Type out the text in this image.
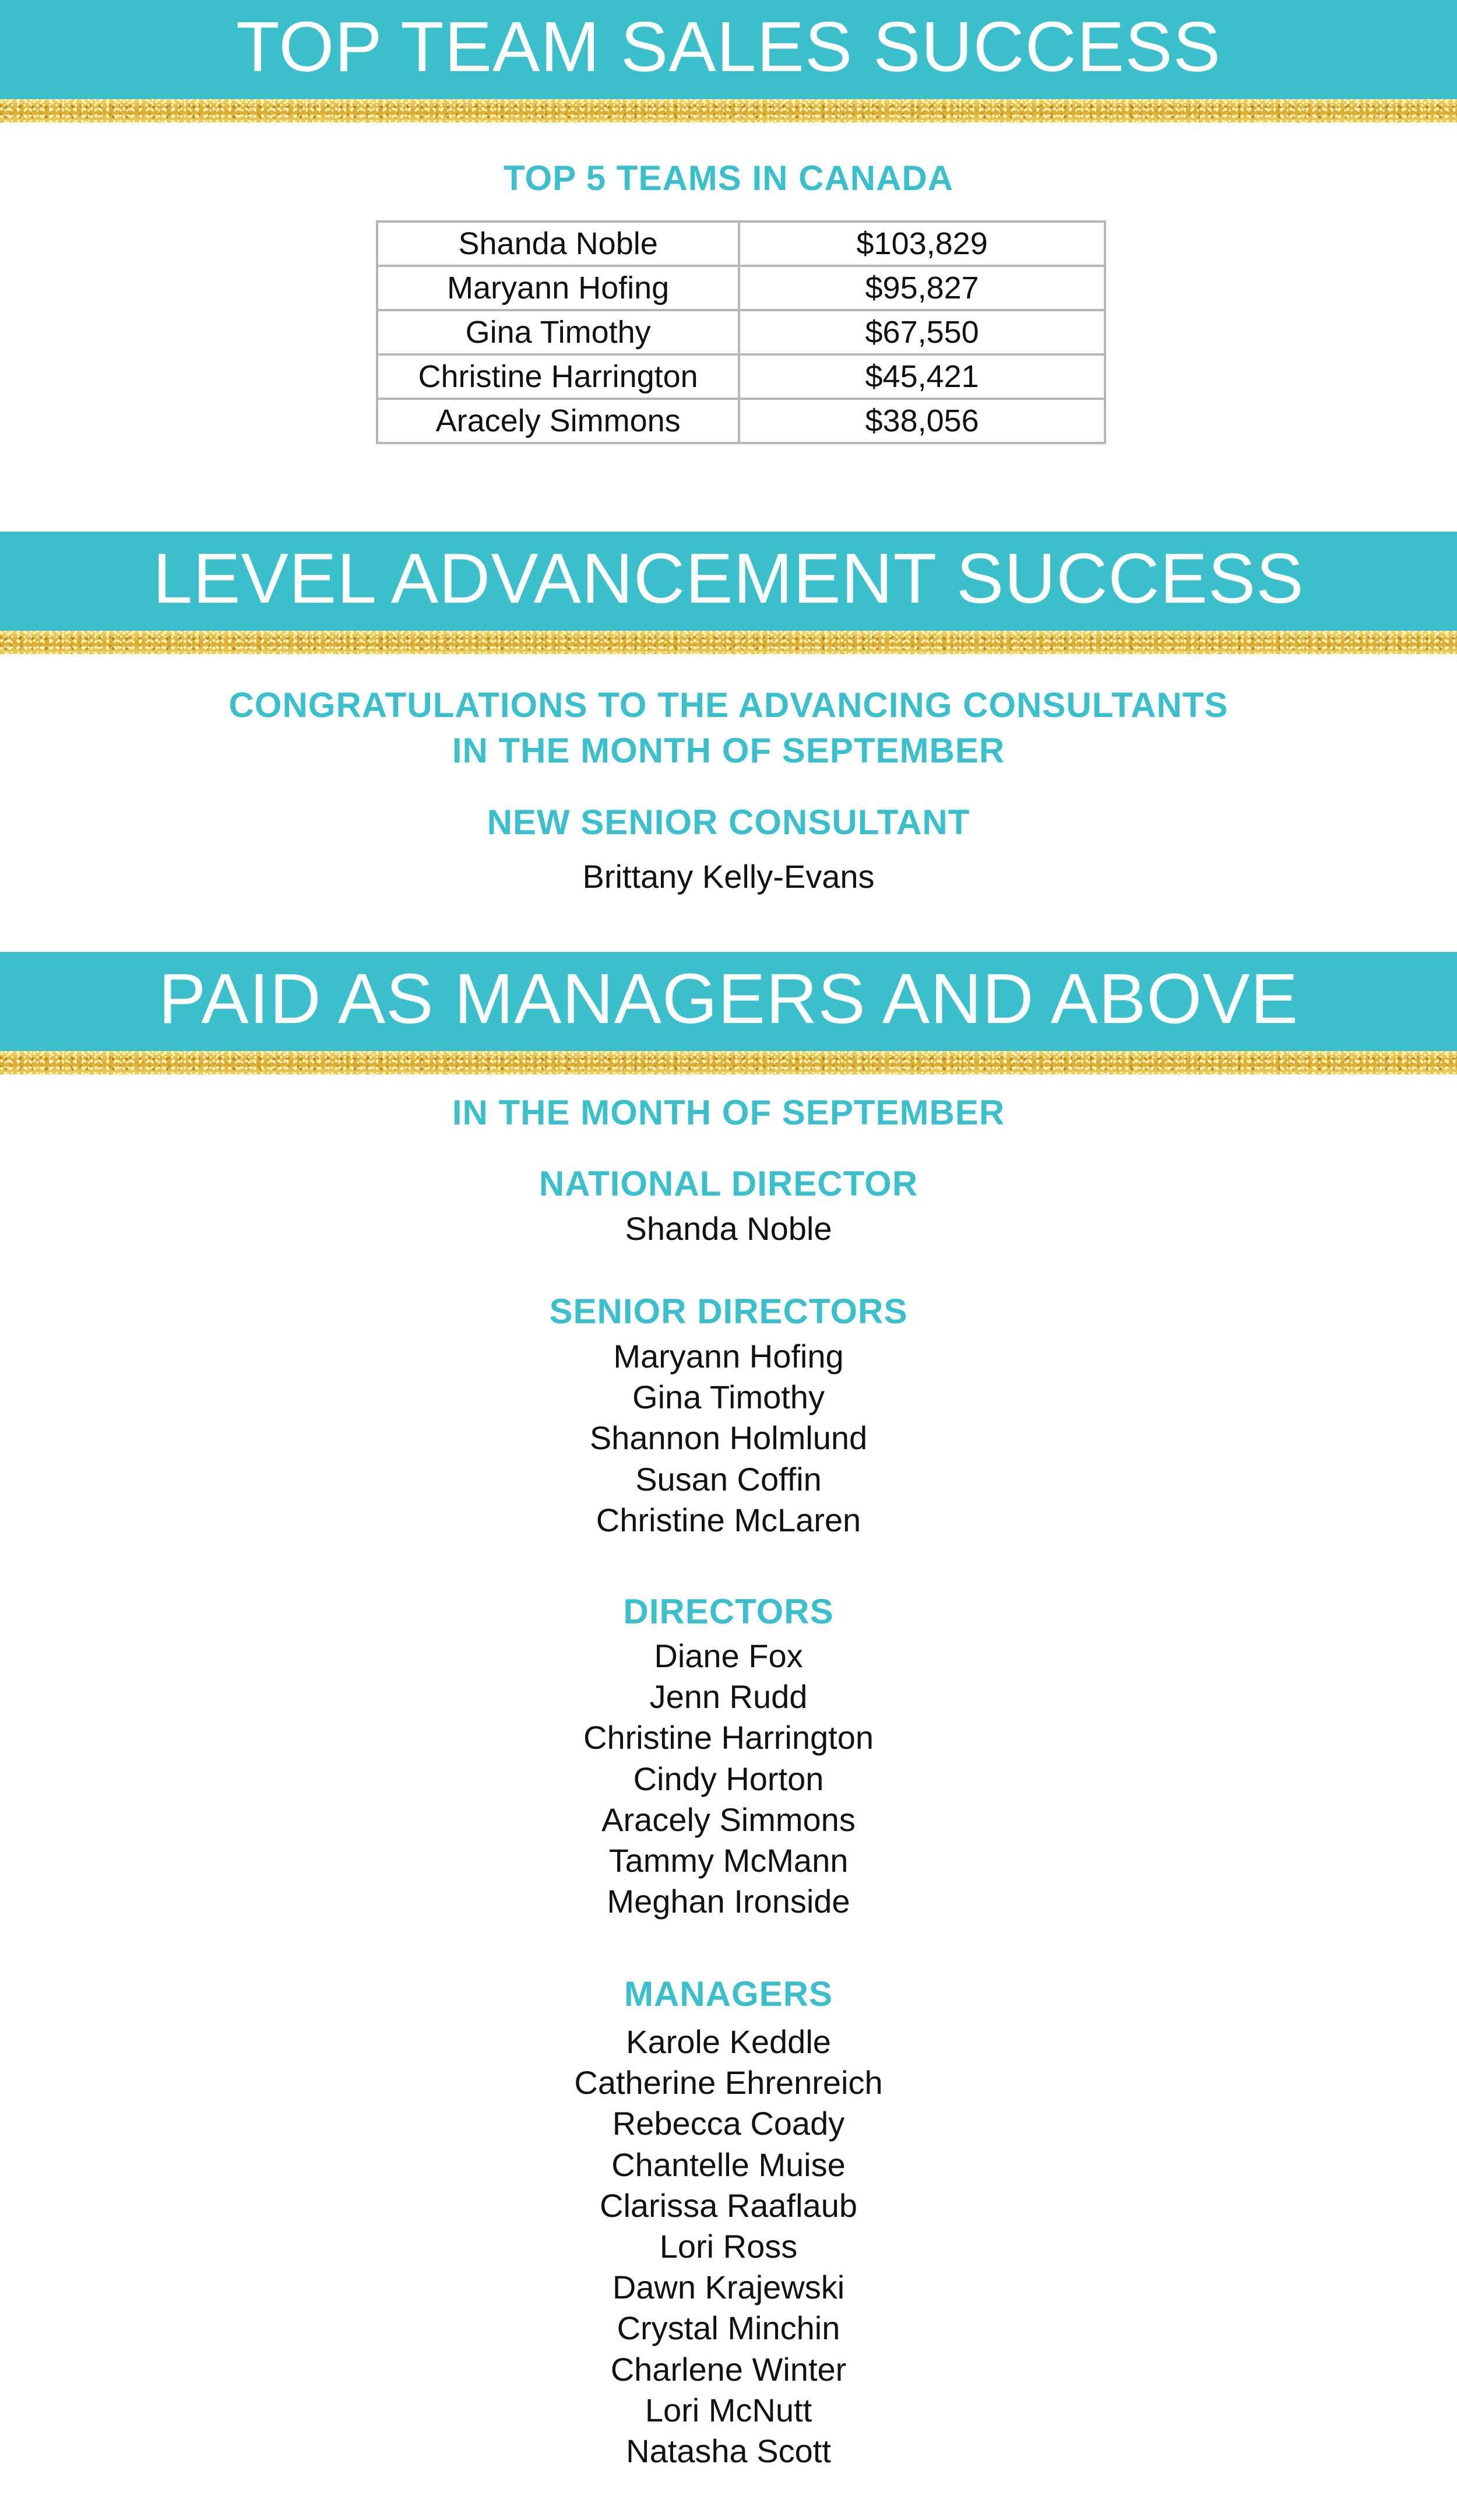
TOP TEAM SALES SUCCESS
TOP 5 TEAMS IN CANADA
Shanda Noble	$103,829
Maryann Hofing	$95,827
Gina Timothy	$67,550
Christine Harrington	$45,421
Aracely Simmons	$38,056
LEVEL ADVANCEMENT SUCCESS
CONGRATULATIONS TO THE ADVANCING CONSULTANTS
IN THE MONTH OF SEPTEMBER
NEW SENIOR CONSULTANT
Brittany Kelly-Evans
PAID AS MANAGERS AND ABOVE
IN THE MONTH OF SEPTEMBER
NATIONAL DIRECTOR
Shanda Noble
SENIOR DIRECTORS
Maryann Hofing
Gina Timothy
Shannon Holmlund
Susan Coffin
Christine McLaren
DIRECTORS
Diane Fox
Jenn Rudd
Christine Harrington
Cindy Horton
Aracely Simmons
Tammy McMann
Meghan Ironside
MANAGERS
Karole Keddle
Catherine Ehrenreich
Rebecca Coady
Chantelle Muise
Clarissa Raaflaub
Lori Ross
Dawn Krajewski
Crystal Minchin
Charlene Winter
Lori McNutt
Natasha Scott
